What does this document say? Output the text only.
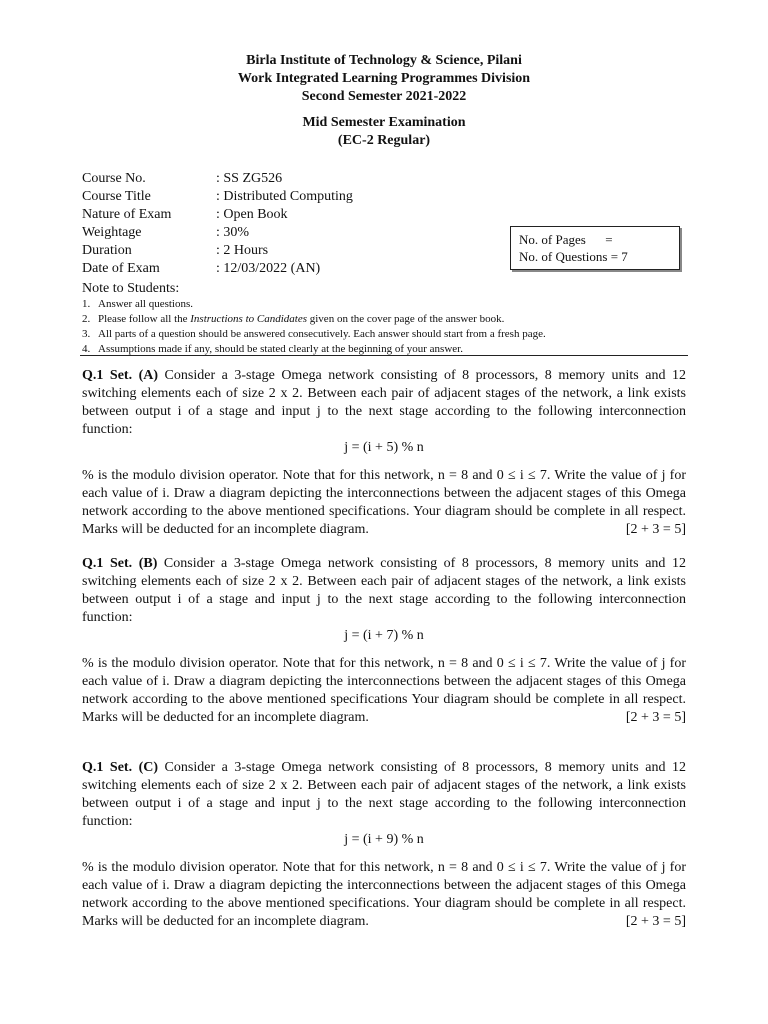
Birla Institute of Technology & Science, Pilani
Work Integrated Learning Programmes Division
Second Semester 2021-2022
Mid Semester Examination
(EC-2 Regular)
Course No.	: SS ZG526
Course Title	: Distributed Computing
Nature of Exam	: Open Book
Weightage	: 30%
Duration	: 2 Hours
Date of Exam	: 12/03/2022 (AN)
No. of Pages      =
No. of Questions = 7
Note to Students:
1. Answer all questions.
2. Please follow all the Instructions to Candidates given on the cover page of the answer book.
3. All parts of a question should be answered consecutively. Each answer should start from a fresh page.
4. Assumptions made if any, should be stated clearly at the beginning of your answer.

Q.1 Set. (A) Consider a 3-stage Omega network consisting of 8 processors, 8 memory units and 12 switching elements each of size 2 x 2. Between each pair of adjacent stages of the network, a link exists between output i of a stage and input j to the next stage according to the following interconnection function:

j = (i + 5) % n

% is the modulo division operator. Note that for this network, n = 8 and 0 ≤ i ≤ 7. Write the value of j for each value of i. Draw a diagram depicting the interconnections between the adjacent stages of this Omega network according to the above mentioned specifications. Your diagram should be complete in all respect. Marks will be deducted for an incomplete diagram.	[2 + 3 = 5]

Q.1 Set. (B) Consider a 3-stage Omega network consisting of 8 processors, 8 memory units and 12 switching elements each of size 2 x 2. Between each pair of adjacent stages of the network, a link exists between output i of a stage and input j to the next stage according to the following interconnection function:

j = (i + 7) % n

% is the modulo division operator. Note that for this network, n = 8 and 0 ≤ i ≤ 7. Write the value of j for each value of i. Draw a diagram depicting the interconnections between the adjacent stages of this Omega network according to the above mentioned specifications Your diagram should be complete in all respect. Marks will be deducted for an incomplete diagram.	[2 + 3 = 5]

Q.1 Set. (C) Consider a 3-stage Omega network consisting of 8 processors, 8 memory units and 12 switching elements each of size 2 x 2. Between each pair of adjacent stages of the network, a link exists between output i of a stage and input j to the next stage according to the following interconnection function:

j = (i + 9) % n

% is the modulo division operator. Note that for this network, n = 8 and 0 ≤ i ≤ 7. Write the value of j for each value of i. Draw a diagram depicting the interconnections between the adjacent stages of this Omega network according to the above mentioned specifications. Your diagram should be complete in all respect. Marks will be deducted for an incomplete diagram.	[2 + 3 = 5]
